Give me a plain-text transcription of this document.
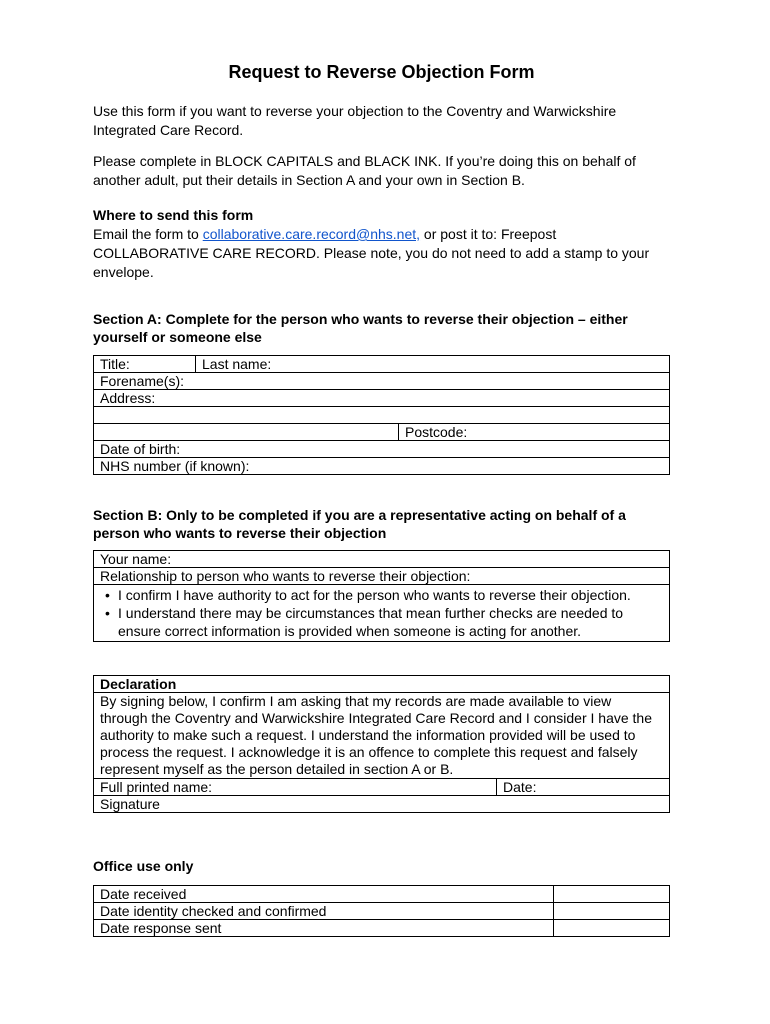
Request to Reverse Objection Form

Use this form if you want to reverse your objection to the Coventry and Warwickshire Integrated Care Record.

Please complete in BLOCK CAPITALS and BLACK INK. If you’re doing this on behalf of another adult, put their details in Section A and your own in Section B.

Where to send this form
Email the form to collaborative.care.record@nhs.net, or post it to: Freepost COLLABORATIVE CARE RECORD. Please note, you do not need to add a stamp to your envelope.

Section A: Complete for the person who wants to reverse their objection – either yourself or someone else

Title:	Last name:	
Forename(s):		
Address:		

		Postcode:
Date of birth:		
NHS number (if known):		

Section B: Only to be completed if you are a representative acting on behalf of a person who wants to reverse their objection

Your name:
Relationship to person who wants to reverse their objection:

• I confirm I have authority to act for the person who wants to reverse their objection.
• I understand there may be circumstances that mean further checks are needed to ensure correct information is provided when someone is acting for another.
Declaration
By signing below, I confirm I am asking that my records are made available to view through the Coventry and Warwickshire Integrated Care Record and I consider I have the authority to make such a request. I understand the information provided will be used to process the request. I acknowledge it is an offence to complete this request and falsely represent myself as the person detailed in section A or B.
Full printed name:	Date:
Signature

Office use only

Date received	
Date identity checked and confirmed	
Date response sent	
